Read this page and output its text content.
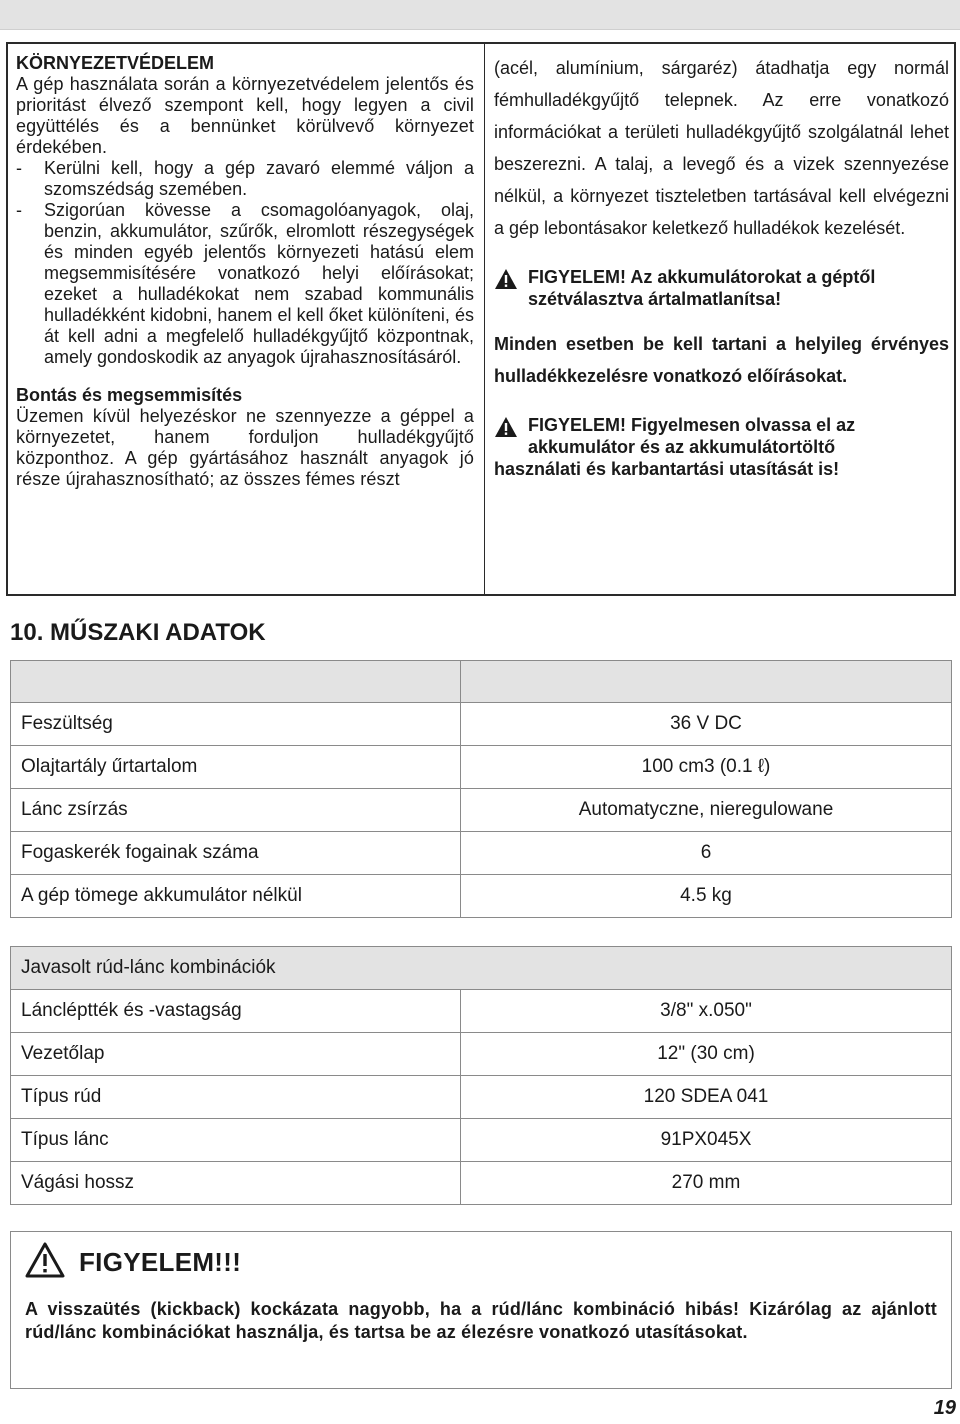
KÖRNYEZETVÉDELEM
A gép használata során a környezetvédelem jelentős és prioritást élvező szempont kell, hogy legyen a civil együttélés és a bennünket körülvevő környezet érdekében.
-	Kerülni kell, hogy a gép zavaró elemmé váljon a szomszédság szemében.
-	Szigorúan kövesse a csomagolóanyagok, olaj, benzin, akkumulátor, szűrők, elromlott részegységek és minden egyéb jelentős környezeti hatású elem megsemmisítésére vonatkozó helyi előírásokat; ezeket a hulladékokat nem szabad kommunális hulladékként kidobni, hanem el kell őket különíteni, és át kell adni a megfelelő hulladékgyűjtő központnak, amely gondoskodik az anyagok újrahasznosításáról.
Bontás és megsemmisítés
Üzemen kívül helyezéskor ne szennyezze a géppel a környezetet, hanem forduljon hulladékgyűjtő központhoz. A gép gyártásához használt anyagok jó része újrahasznosítható; az összes fémes részt
(acél, alumínium, sárgaréz) átadhatja egy normál fémhulladékgyűjtő telepnek. Az erre vonatkozó információkat a területi hulladékgyűjtő szolgálatnál lehet beszerezni. A talaj, a levegő és a vizek szennyezése nélkül, a környezet tiszteletben tartásával kell elvégezni a gép lebontásakor keletkező hulladékok kezelését.
FIGYELEM! Az akkumulátorokat a géptől szétválasztva ártalmatlanítsa!
Minden esetben be kell tartani a helyileg érvényes hulladékkezelésre vonatkozó előírásokat.
FIGYELEM! Figyelmesen olvassa el az akkumulátor és az akkumulátortöltő
használati és karbantartási utasítását is!
10. MŰSZAKI ADATOK

Feszültség	36 V DC
Olajtartály űrtartalom	100 cm3 (0.1 ℓ)
Lánc zsírzás	Automatyczne, nieregulowane
Fogaskerék fogainak száma	6
A gép tömege akkumulátor nélkül	4.5 kg
Javasolt rúd-lánc kombinációk	
Láncléptték és -vastagság	3/8" x.050"
Vezetőlap	12" (30 cm)
Típus rúd	120 SDEA 041
Típus lánc	91PX045X
Vágási hossz	270 mm
FIGYELEM!!!
A visszaütés (kickback) kockázata nagyobb, ha a rúd/lánc kombináció hibás! Kizárólag az ajánlott rúd/lánc kombinációkat használja, és tartsa be az élezésre vonatkozó utasításokat.
19
